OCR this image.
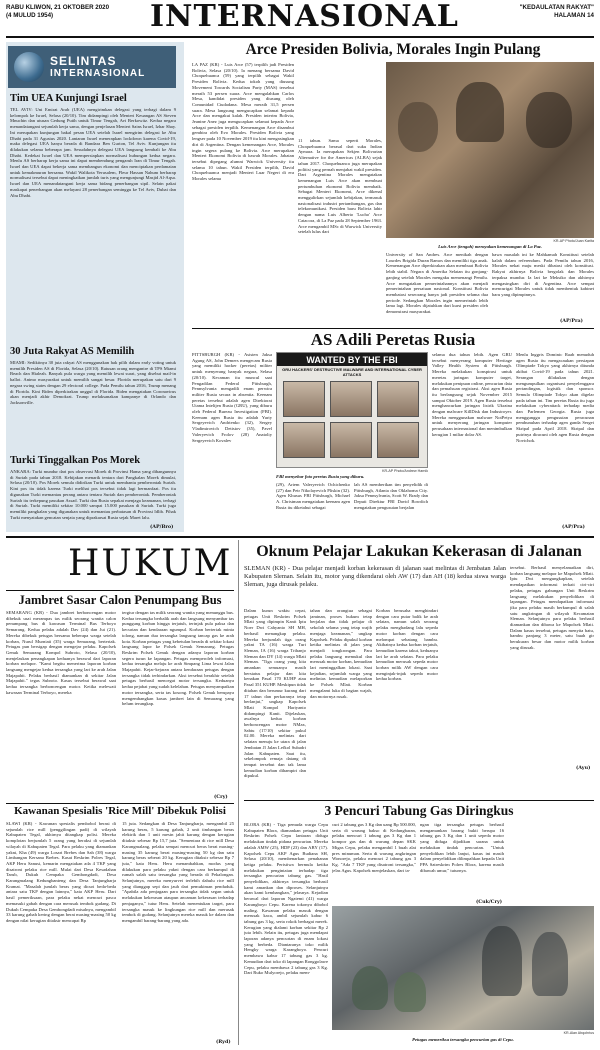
RABU KLIWON, 21 OKTOBER 2020
(4 MULUD 1954)	INTERNASIONAL	"KEDAULATAN RAKYAT"
HALAMAN 14
SELINTAS
INTERNASIONAL
Tim UEA Kunjungi Israel
TEL AVIV: Uni Emirat Arab (UEA) mengirimkan delegasi yang terbagi dalam 9 kelompok ke Israel, Selasa (20/10). Tim didampingi oleh Menteri Keuangan AS Steven Mnuchin dan utusan Gedung Putih untuk Timur Tengah, Avi Berkowitz. Kedua negara menandatangani sejumlah kerja sama, dengan penjelasan Menteri Sains Israel, Izhar Shay. Ini merupakan kunjungan bakal pesan UEA setelah Israel mengirim delegasi ke Abu Dhabi pada 31 Agustus 2020. Lantaran Israel menerapkan lockdown karena Covid-19, maka delegasi UEA hanya berada di Bandara Ben Gurion, Tel Aviv. Kunjungan itu dilakukan selama beberapa jam. Sesudahnya delegasi UEA langsung kembali ke Abu Dhabi. Kedekat Israel dan UEA mempersiapkan normalisasi hubungan kedua negara. Menlu AS berharap kerja sama ini dapat membendung pengaruh Iran di Timur Tengah. Israel dan UEA dapat bekerja sama membangun ekonomi dan menciptakan perdamaian untuk kemakmuran bersama. Wakil Walikota Yerusalem, Fleur Hassan Nahum berharap normalisasi tersebut dapat meningkatkan jumlah turis yang mengunjungi Masjid Al-Aqsa. Israel dan UEA menandatangani kerja sama bidang penerbangan sipil. Selain pakai maskapai penerbangan akan melayani 28 penerbangan seminggu ke Tel Aviv, Dubai dan Abu Dhabi.
30 Juta Rakyat AS Memilih
MIAMI: Sedikitnya 30 juta rakyat AS menggunakan hak pilih dalam early voting untuk memilih Presiden AS di Florida, Selasa (20/10). Ratusan orang mengantre di TPS Miami Beach dan Hialeah. Banyak pula warga yang memilih lewat surat, yang disebut mail-in ballot. Animo masyarakat untuk memilih sangat besar. Florida merupakan satu dari 9 negara swing states dengan 29 electoral college. Pada Pemilu tahun 2016, Trump menang di Florida. Kini Biden diperkirakan unggul di Florida. Biden mengatakan Coronavirus akan menjadi akhir Demokrat. Trump melaksanakan kampanye di Orlando dan Jacksonville.
Turki Tinggalkan Pos Morek
ANKARA: Turki mundur dari pos observasi Morek di Provinsi Hama yang dibangunnya di Suriah pada tahun 2018. Kebijakan menarik tentara dari Pangkalan Morek dimulai, Selasa (20/10). Pos Morek semula didirikan Turki untuk membantu pemberontak Suriah. Kini pos itu tidak karena Turki melihat pos tersebut tidak lagi bermanfaat. Pos itu digunakan Turki memantau perang antara tentara Suriah dan pemberontak. Pemberontak Suriah itu terkepung pasukan Assad. Turki dan Rusia sepakat menjaga keamanan, terbagi di Suriah. Turki memiliki sekitar 10.000 sampai 15.000 pasukan di Suriah. Turki juga memiliki pangkalan yang digunakan untuk memantau perbatasan di Provinsi Idlib. Pihak Turki menyatakan gencatan senjata yang diprakarsai Rusia sejak Maret lalu.
(AP/Bro)
Arce Presiden Bolivia, Morales Ingin Pulang
LA PAZ (KR) - Luis Arce (57) terpilih jadi Presiden Bolivia, Selasa (20/10). Ia menang bersama David Choquehuanca (59) yang terpilih sebagai Wakil Presiden Bolivia. Kedua tokoh yang diusung Movement Towards Socialism Party (MAS) tersebut meraih 53 persen suara. Arce mengalahkan Carlos Mesa, kandidat presiden yang diusung oleh Comunidad Ciudadana. Mesa meraih 31,5 persen suara. Mesa langsung mengucapkan selamat kepada Arce dan mengakui kalah. Presiden interim Bolivia, Jeanine Anez juga mengucapkan selamat kepada Arce sebagai presiden terpilih. Kemenangan Arce disambut gembira oleh Evo Morales. Presiden Bolivia yang lengser pada 10 November 2019 itu kini mengasingkan diri di Argentina. Dengan kemenangan Arce, Morales ingin segera pulang ke Bolivia. Arce merupakan Menteri Ekonomi Bolivia di bawah Morales. Jabatan tersebut dipegang alumni Warwick University itu selama 10 tahun. Wakil Presiden terpilih, David Choquehuanca menjadi Menteri Luar Negeri di era Morales selama
11 tahun. Sama seperti Morales, Choquehuanca berasal dari suku Indian Aymara. Ia merupakan Sekjen Bolivarian Alternative for the Americas (ALBA) sejak tahun 2017. Choquehuanca juga merupakan politisi yang pernah menjabat wakil presiden. Dari Argentina Morales mengatakan kemenangan Luis Arce akan membuat pertumbuhan ekonomi Bolivia membaik. Sebagai Menteri Ekonomi, Arce dikenal menggulirkan sejumlah kebijakan, termasuk nasionalisasi industri pertambangan, gas dan telekomunikasi. Presiden baru Bolivia lahir dengan nama Luis Alberto 'Lucho' Arce Catacora, di La Paz pada 28 September 1963. Arce mengambil MSc di Warwick University setelah lulus dari
KR-AP Photo/Juan Karita
Luis Arce (tengah) merayakan kemenangan di La Paz.
University of San Andres. Arce menikah dengan Lourdes Brigida Duran Ramos dan memiliki tiga anak. Kemenangan Arce diperkirakan akan membuat Bolivia lebih stabil. Negara di Amerika Selatan itu gonjang-ganjing setelah Morales mengaku memenangi Pemilu. Arce mengatakan pemerintahannya akan menjadi pemerintahan persatuan nasional. Konstitusi Bolivia membatasi seseorang hanya jadi presiden selama dua periode. Sedangkan Morales ingin memerintah lebih lama lagi. Morales dijatuhkan dari kursi presiden oleh demonstrasi masyarakat.
bawa masalah ini ke Mahkamah Konstitusi setelah kalah dalam referendum. Pada Pemilu tahun 2016, Morales nekat maju meski dibatasi oleh konstitusi. Rakyat akhirnya Bolivia bergolak dan Morales terpaksa mundur. Ia lari ke Meksiko dan akhirnya mengasingkan diri di Argentina. Arce sempat mencurigai Morales untuk tidak membentuk kabinet baru yang dipimpinnya.
(AP/Pra)
AS Adili Peretas Rusia
PITTSBURGH (KR) - Asisten Jaksa Agung AS, John Demers mengecam Rusia yang memiliki hacker (peretas) militer untuk menyerang banyak negara, Selasa (20/10). Kecaman itu muncul saat Pengadilan Federal Pittsburgh, Pennsylvania mengadili enam perwira militer Rusia secara in absentia. Keenam peretas tersebut adalah agen Direktorat Utama Intelijen Rusia (GRU), yang diburu oleh Federal Bureau Investigation (FBI). Keenam agen Rusia itu adalah Yuriy Sergeyevich Andrienko (32), Sergey Vladimirovich Detistov (35), Pavel Valeryevich Frolov (28) Anatoliy Sergeyevich Kovalev
WANTED BY THE FBI
GRU HACKERS' DESTRUCTIVE MALWARE AND INTERNATIONAL CYBER ATTACKS
KR-AP Photo/Andrew Harnik
FBI menyebar foto peretas Rusia yang diburu.
(29), Artem Valeryevich Ochichenko (27) dan Petr Nikolayevich Pliskin (32). Agen Khusus FBI Pittsburgh, Michael A. Christman mengatakan keenam agen Rusia itu diketahui sebagai
lah AS memberikan tim penyelidik di Pittsburgh, Atlanta dan Oklahoma City. Jaksa Pennsylvania, Scott W. Brady dan Deputi Direktur FBI David Bowdich mengatakan pengusutan berjalan
selama dua tahun lebih. Agen GRU tersebut menyerang komputer Heritage Valley Health System di Pittsburgh. Mereka melakukan konspirasi untuk meretas jaringan komputer target, melakukan penipuan online, pencurian data dan pemalsuan registrasi. Aksi agen Rusia itu berlangsung sejak November 2015 sampai Oktober 2019. Agen Rusia tersebut menghancurkan jaringan listrik Ukraina dengan malware KillDisk dan Industroyer. Mereka menggunakan malware NotPetya untuk menyerang jaringan komputer perusahaan internasional dan menimbulkan kerugian 1 miliar dolar AS.
Menlu Inggris Dominic Raab menuduh agen Rusia itu mengacaukan persiapan Olimpiade Tokyo yang akhirnya ditunda akibat Covid-19 pada tahun 2021. Serangan dilakukan dengan mengumpulkan organisasi penyelenggara pertandingan, logistik dan sponsor. Semula Olimpiade Tokyo akan digelar pada tahun ini. Tim peretas Rusia itu juga melakukan cyberattack terhadap media dan Parlemen Georgia. Rusia juga menggunggu pengusutan peracunan pembunuhan terhadap agen ganda Sergei Skripal pada April 2018. Skripal dan putrinya diracuni oleh agen Rusia dengan Novichok.
(AP/Pra)
HUKUM
Jambret Sasar Calon Penumpang Bus
SEMARANG (KR) - Dua jambret berboncengan motor dibekuk usai merampas tas milik seorang wanita calon penumpang bus di kawasan Terminal Bus Terboyo Semarang. Kedua pelaku adalah Dav (24) dan Jut (21). Mereka dibekuk petugas bersama beberapa warga setelah korban, Nurul Murniati (35) warga Semarang, berteriak. Petugas pun bersigap dengan mengejar pelaku. Kapolsek Genuk Semarang Kompol Subroto, Selasa (20/10), menjelaskan penangkapan keduanya berawal dari laporan korban melapor. "Kami begitu menerima laporan korban langsung mengejar kedua tersangka yang lari ke arah Jalan Majapahit. Pelaku berhasil diamankan di sekitar Jalan Majapahit." tegas Subroto. Kasus tersebut berawal saat kedua tersangka berboncengan motor. Ketika melewati kawasan Terminal Terboyo, mereka
tergiur dengan tas milik seorang wanita yang menunggu bus. Kedua tersangka berbalik arah dan langsung menyambar tas punggung korban hingga terjatuh, terinjak pula paksa dan kecurian dan kendaraan ngumpul. Korban berteriak minta tolong, namun dua tersangka langsung tancap gas ke arah kota. Korban petugas yang kebetulan berada di sekitar lokasi langsung lapor ke Polsek Genuk Semarang. Petugas Reskrim Polsek Genuk dengan adanya laporan korban segera turun ke lapangan. Petugas memperoleh informasi, kedua tersangka melaju ke arah Simpang Lima lewat Jalan Majapahit. Kejar-kejaran antara kendaraan petugas dengan tersangka tidak terhindarkan. Aksi tersebut berakhir setelah petugas berhasil mencegat motor tersangka. Keduanya kedua pejabat yang sudah kelelahan. Petugas menyampaikan motor tersangka, serta tas kosong. Polsek Genuk berupaya mengembangkan kasus jambret lain di Semarang yang belum terungkap.
(Cry)
Kawanan Spesialis 'Rice Mill' Dibekuk Polisi
SLAWI (KR) - Kawanan spesialis pembobol berasi di sejumlah rice mill (penggilingan padi) di wilayah Kabupaten Tegal, akhirnya ditangkap polisi. Mereka komplotan berjumlah 5 orang yang beraksi di sejumlah wilayah di Kabupaten Tegal. Para pelaku yang diamankan yakni, Kha (49) warga Losari Brebes dan Sah (38) warga Limbangan Kersana Brebes. Kasat Reskrim Polres Tegal, AKP Heru Sanusi, kemarin mengatakan ada 4 TKP yang disatroni pelaku rice mill. Mulai dari Desa Kesadahan Tarub, Dukuh Cempaka Gembongdadi, Desa Karangmalang Kedungbanteng dan Desa Tanjungharja Kramat. "Masalah jumlah beras yang dicuri beda-beda antara satu TKP dengan lainnya," kata AKP Heru. Dari hasil pemeriksaan, para pelaku nekat mencuri pasca memasuki gabah dengan cara merusak tembok gudang. Di Dukuh Cempaka Desa Gembongdadi misalnya, mengambil 33 karung gabah kering dengan berat masing-masing 50 kg dengan nilai kerugian ditaksir mencapai Rp
15 juta. Sedangkan di Desa Tanjungharja, mengambil 25 karung beras, 5 karung gabah, 2 unit timbangan beras elektrik dan 1 unit mesin jahit karung dengan kerugian ditaksir sebesar Rp 15,7 juta. "Sementara di rice mill Desa Karangmalang, pelaku sempat mencuri beras berat masing-masing 35 karung berat masing-masing 50 kg dan satu karung beras seberat 20 kg. Kerugian ditaksir sebesar Rp 7 juta," kata Heru. Heru menambahkan, modus yang dilakukan para pelaku yakni dengan cara berkumpul di rumah salah satu tersangka yang berada di Pekalongan. Selanjutnya, mereka menyurvei terlebih dahulu rice mill yang dianggap sepi dan jauh dari pemukiman penduduk. "Apabila ada penjagaan para tersangka tidak segan untuk melakukan kekerasan ataupun ancaman kekerasan terhadap penjaganya," tutur Heru. Setelah menentukan target, para tersangka masuk ke lingkungan rice mill dan merusak tembok di gudang. Selanjutnya mereka masuk ke dalam dan mengambil barang-barang yang ada.
(Ryd)
Oknum Pelajar Lakukan Kekerasan di Jalanan
SLEMAN (KR) - Dua pelajar menjadi korban kekerasan di jalanan saat melintas di Jembatan Jalan Kabupaten Sleman. Selain itu, motor yang dikendarai oleh AW (17) dan AH (18) kedua siswa warga Sleman, juga dirusak pelaku.
Dalam kurun waktu cepat, petugas Unit Reskrim Polsek Mlati yang dipimpin Kanit Iptu Noer Dwi Cahyanto SH MH, berhasil menangkap pelaku. Mereka berjumlah tiga orang yakni TA (16) warga Turi Sleman, IA (16) warga Trihanjo Sleman dan DY (14) warga Mlati Sleman. "Tiga orang yang kita amankan semuanya masih berstatus pelajar dan kita kenakan Pasal 170 KUHP atau Pasal 351 KUHP. Meskipun tidak ditahan dan berumur kurang dari 17 tahun dan perkaranya tetap berlanjut," ungkap Kapolsek Mlati Kompol Hariyanto didampingi Kanit. Dijelaskan, awalnya kedua korban berboncengan motor NMax, Sabtu (17/10) sekitar pukul 02.00. Mereka melintas dari selatan menuju ke utara di jalan Jembatan Jl Jalan Lefkol Subadri Jalan Kabupaten. Saat itu, sekelompok remaja datang di tempat tersebut dan tak lama kemudian korban dihampiri dan dipukul.
tahan dan orangtua sebagai jaminan, proses hukum tetap berjalan dan tidak pelajar di sekolah selama yang tetap wajib menjaga keamanan," ungkap Kapolsek. Pelaku dipukul korban ketika melintas di jalan yang menjadi tongkrongan. Para pelaku langsung memukul dan merusak motor korban, kemudian lari meninggalkan lokasi. Saat kejadian, sejumlah warga yang melintas kemudian melaporkan ke Polsek Mlati. Korban mengalami luka di bagian wajah, dan motornya rusak.
Korban berusaha menghindari dengan cara putar balik ke arah selatan, namun salah seorang pelaku menghadang lalu sepeda motor korban dengan cara melompat sebatang bambu. Akibatnya kedua korban terjatuh, kemudian karena takut, keduanya lari ke arah selatan. Para pelaku kemudian merusak sepeda motor korban milik AW dengan cara menginjak-injak sepeda motor kedua korban.
tersebut. Berhasil menyelamatkan diri, korban langsung melapor ke Mapolsek Mlati. Iptu Dwi mengungkapkan, setelah mendapatkan informasi terkait ciri-ciri pelaku, petugas gabungan Unit Reskrim langsung melakukan penyelidikan di lapangan. Petugas mendapatkan informasi jika para pelaku masih berkumpul di salah satu angkringan di wilayah Kecamatan Sleman. Selanjutnya para pelaku berhasil diamankan dan dibawa ke Mapolsek Mlati. Dalam kasus tersebut, petugas menyita batu, bambu panjang 3 meter, satu buah gir berukuran besar dan motor milik korban yang dirusak.
(Ayu)
3 Pencuri Tabung Gas Diringkus
BLORA (KR) - Tiga pemuda warga Cepu Kabupaten Blora, diamankan petugas Unit Reskrim Polsek Cepu lantaran diduga melakukan tindak pidana pencurian. Mereka adalah AMW (25), HDP (23) dan ABY (17). Kapolsek Cepu AKP Agus Budiana SH, Selasa (20/10), membenarkan penahanan ketiga pelaku. Peristiwa bermula ketika melakukan pengintaian terhadap tiga tersangka pencurian tabung gas. "Hasil penyelidikan, akhirnya tersangka berhasil kami amankan dan diproses. Selanjutnya akan kami kembangkan," jelasnya. Kejadian berawal dari laporan Ngatemi (41) warga Karangboyo Cepu. Karena tokonya dibobol maling. Kawanan pelaku masuk dengan merusak kaca, ambil sejumlah kabur 6 tabung gas 3 kg, serta rokok berbagai merek. Kerugian yang dialami korban sekitar Rp 2 juta lebih. Selain itu, petugas juga mendapat laporan adanya pencurian di enam lokasi yang berbeda. Diantaranya toko milik Hengky warga Karangboyo. Pencuri membawa kabur 17 tabung gas 3 kg. Kemudian dari toko di lapangan Ronggolawe Cepu, pelaku membawa 2 tabung gas 3 Kg. Dari Ruko Mulyorejo, pelaku mem-
curi 2 tabung gas 3 Kg dan uang Rp 500.000, serta di warung bakso di Kedungbaran, pelaku mencuri 1 tabung gas 3 Kg dan 1 kompor gas dan di warung depan SKK Migas Cepu, pelaku mengambil 1 buah alat pres minuman. Serta di warung angkringan Wonorejo, pelaku mencuri 2 tabung gas 3 Kg. "Ada 7 TKP yang disatroni tersangka," jelas Agus. Kapolsek menjelaskan, dari ta-
ngan tiga tersangka petugas berhasil mengamankan barang bukti berupa 16 tabung gas 3 Kg dan 1 unit sepeda motor yang diduga dijadikan sarana untuk melakukan tindak pencurian. "Untuk penyelidikan lebih lanjut, kasus ini masih dalam penyelidikan dilimpahkan kepada Unit PPA Satreskrim Polres Blora, karena masih dibawah umur," tuturnya.
(Cuk/Cry)
KR-Alan Abqohrius
Petugas memeriksa tersangka pencurian gas di Cepu.
